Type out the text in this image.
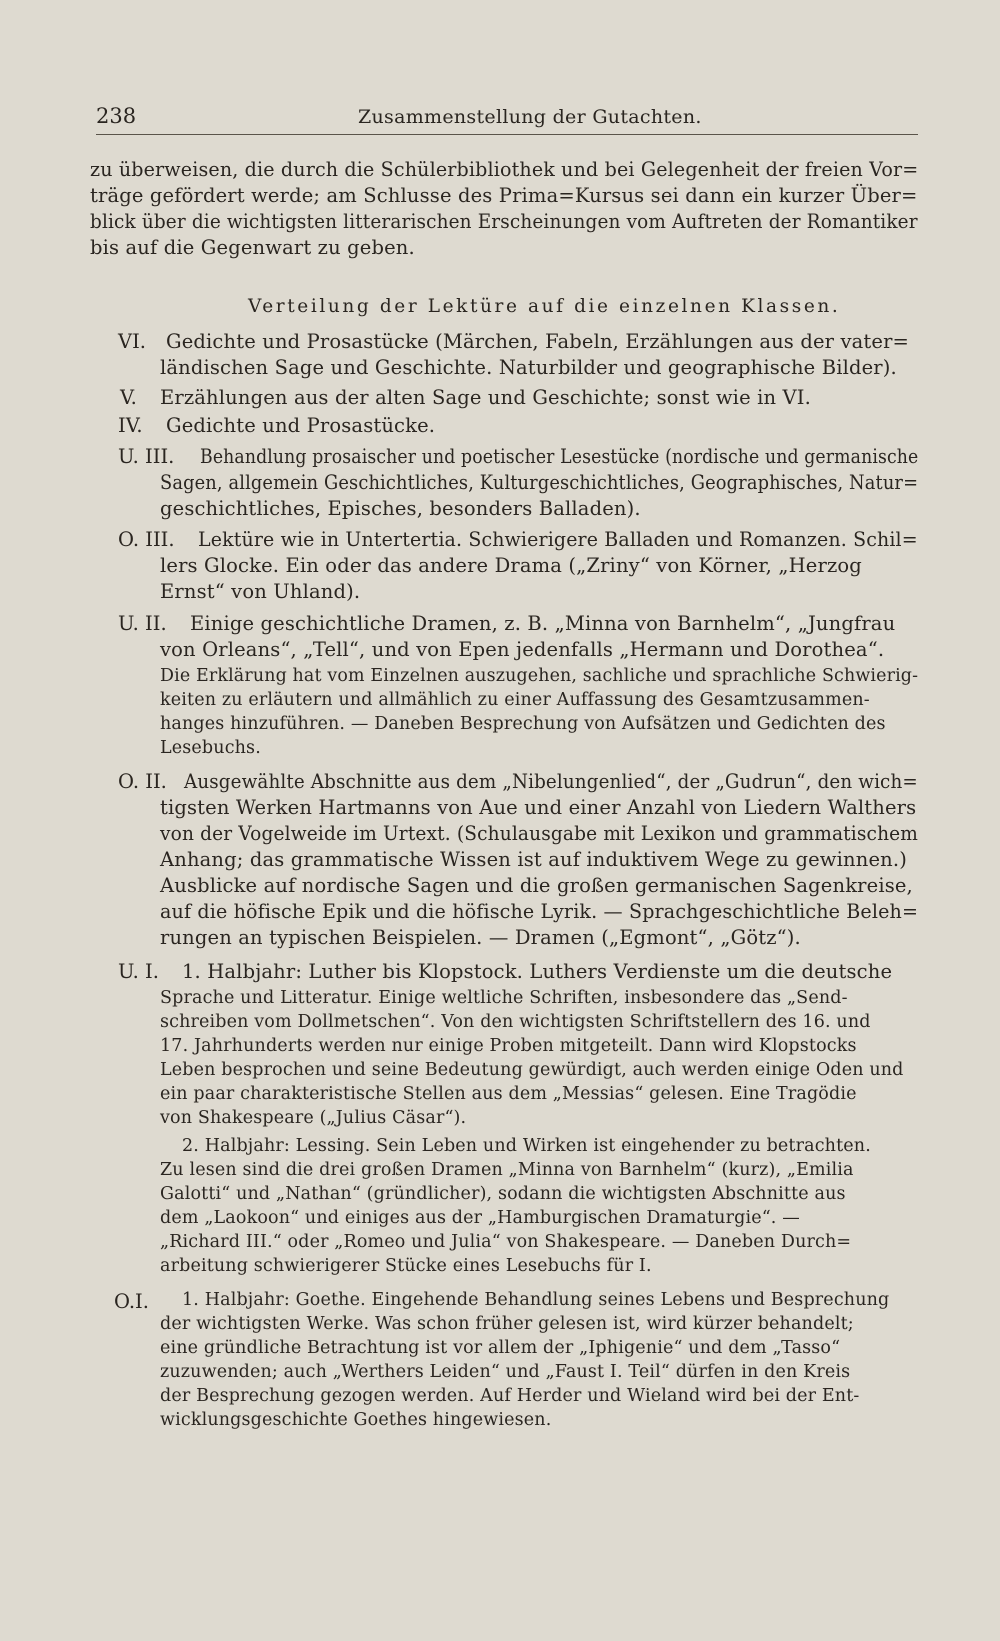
238	Zusammenstellung der Gutachten.
zu überweisen, die durch die Schülerbibliothek und bei Gelegenheit der freien Vor=
träge gefördert werde; am Schlusse des Prima=Kursus sei dann ein kurzer Über=
blick über die wichtigsten litterarischen Erscheinungen vom Auftreten der Romantiker
bis auf die Gegenwart zu geben.
Verteilung der Lektüre auf die einzelnen Klassen.
VI. Gedichte und Prosastücke (Märchen, Fabeln, Erzählungen aus der vater=
ländischen Sage und Geschichte. Naturbilder und geographische Bilder).
V. Erzählungen aus der alten Sage und Geschichte; sonst wie in VI.
IV. Gedichte und Prosastücke.
U. III. Behandlung prosaischer und poetischer Lesestücke (nordische und germanische
Sagen, allgemein Geschichtliches, Kulturgeschichtliches, Geographisches, Natur=
geschichtliches, Episches, besonders Balladen).
O. III. Lektüre wie in Untertertia. Schwierigere Balladen und Romanzen. Schil=
lers Glocke. Ein oder das andere Drama („Zriny“ von Körner, „Herzog
Ernst“ von Uhland).
U. II. Einige geschichtliche Dramen, z. B. „Minna von Barnhelm“, „Jungfrau
von Orleans“, „Tell“, und von Epen jedenfalls „Hermann und Dorothea“.
Die Erklärung hat vom Einzelnen auszugehen, sachliche und sprachliche Schwierig-
keiten zu erläutern und allmählich zu einer Auffassung des Gesamtzusammen-
hanges hinzuführen. — Daneben Besprechung von Aufsätzen und Gedichten des
Lesebuchs.
O. II. Ausgewählte Abschnitte aus dem „Nibelungenlied“, der „Gudrun“, den wich=
tigsten Werken Hartmanns von Aue und einer Anzahl von Liedern Walthers
von der Vogelweide im Urtext. (Schulausgabe mit Lexikon und grammatischem
Anhang; das grammatische Wissen ist auf induktivem Wege zu gewinnen.)
Ausblicke auf nordische Sagen und die großen germanischen Sagenkreise,
auf die höfische Epik und die höfische Lyrik. — Sprachgeschichtliche Beleh=
rungen an typischen Beispielen. — Dramen („Egmont“, „Götz“).
U. I. 1. Halbjahr: Luther bis Klopstock. Luthers Verdienste um die deutsche
Sprache und Litteratur. Einige weltliche Schriften, insbesondere das „Send-
schreiben vom Dollmetschen“. Von den wichtigsten Schriftstellern des 16. und
17. Jahrhunderts werden nur einige Proben mitgeteilt. Dann wird Klopstocks
Leben besprochen und seine Bedeutung gewürdigt, auch werden einige Oden und
ein paar charakteristische Stellen aus dem „Messias“ gelesen. Eine Tragödie
von Shakespeare („Julius Cäsar“).
2. Halbjahr: Lessing. Sein Leben und Wirken ist eingehender zu betrachten.
Zu lesen sind die drei großen Dramen „Minna von Barnhelm“ (kurz), „Emilia
Galotti“ und „Nathan“ (gründlicher), sodann die wichtigsten Abschnitte aus
dem „Laokoon“ und einiges aus der „Hamburgischen Dramaturgie“. —
„Richard III.“ oder „Romeo und Julia“ von Shakespeare. — Daneben Durch=
arbeitung schwierigerer Stücke eines Lesebuchs für I.
O.I. 1. Halbjahr: Goethe. Eingehende Behandlung seines Lebens und Besprechung
der wichtigsten Werke. Was schon früher gelesen ist, wird kürzer behandelt;
eine gründliche Betrachtung ist vor allem der „Iphigenie“ und dem „Tasso“
zuzuwenden; auch „Werthers Leiden“ und „Faust I. Teil“ dürfen in den Kreis
der Besprechung gezogen werden. Auf Herder und Wieland wird bei der Ent-
wicklungsgeschichte Goethes hingewiesen.
